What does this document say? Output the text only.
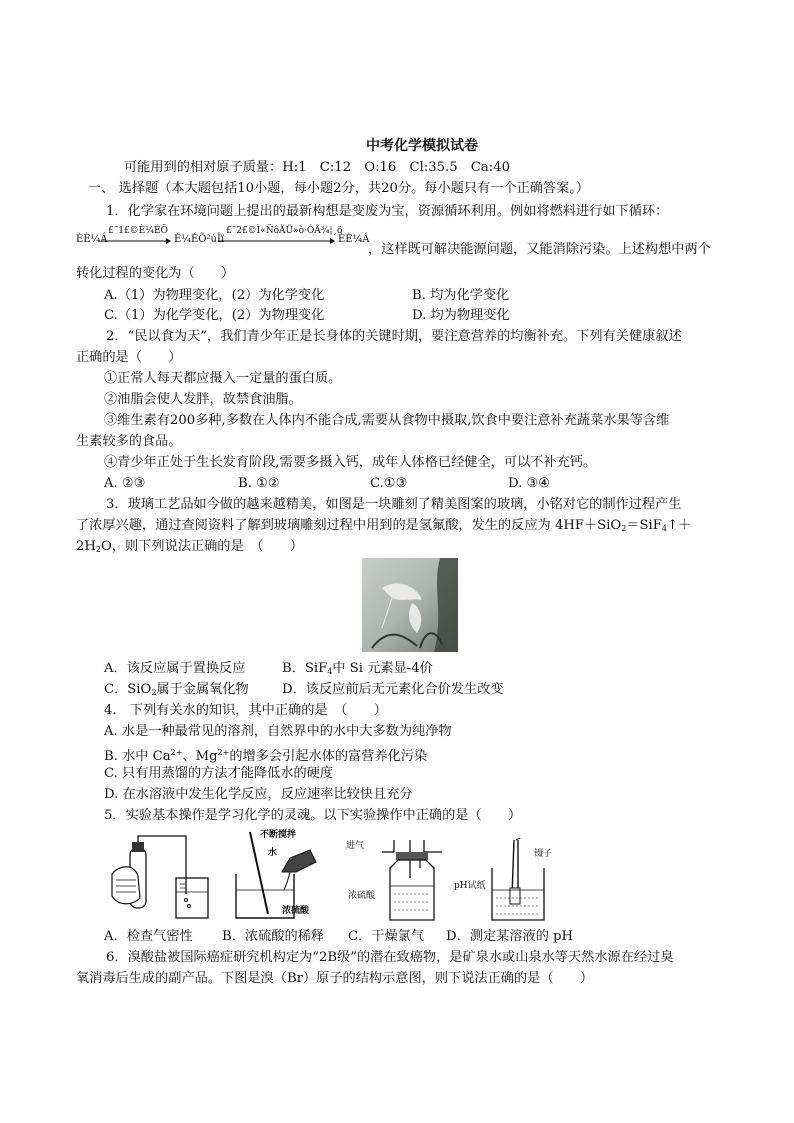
中考化学模拟试卷
可能用到的相对原子质量：H:1　C:12　O:16　Cl:35.5　Ca:40
一、 选择题（本大题包括10小题，每小题2分，共20分。每小题只有一个正确答案。）
1．化学家在环境问题上提出的最新构想是变废为宝，资源循环利用。例如将燃料进行如下循环：
ÈÈ¼Á
£¨1£©È¼ÉÕ
È¼ÉÕ²úÎï
£¨2£©Ì«ÑôÄÜ»ò·ÓÃ¾¦¸ö
ÈÈ¼Á
，这样既可解决能源问题，又能消除污染。上述构想中两个
转化过程的变化为（　　）
A.（1）为物理变化，(2）为化学变化	B. 均为化学变化
C.（1）为化学变化，(2）为物理变化	D. 均为物理变化
2．“民以食为天”，我们青少年正是长身体的关键时期，要注意营养的均衡补充。下列有关健康叙述
正确的是（　　）
①正常人每天都应摄入一定量的蛋白质。
②油脂会使人发胖，故禁食油脂。
③维生素有200多种,多数在人体内不能合成,需要从食物中摄取,饮食中要注意补充蔬菜水果等含维
生素较多的食品。
④青少年正处于生长发育阶段,需要多摄入钙，成年人体格已经健全，可以不补充钙。
A. ②③	B. ①②	C.①③	D. ③④
3．玻璃工艺品如今做的越来越精美，如图是一块雕刻了精美图案的玻璃，小铭对它的制作过程产生
了浓厚兴趣，通过查阅资料了解到玻璃雕刻过程中用到的是氢氟酸，发生的反应为 4HF＋SiO$_2$＝SiF$_4$↑＋
$2H_2O$，则下列说法正确的是　（　　）
A．该反应属于置换反应	B．SiF$_4$中 Si 元素显-4价
C．SiO$_2$属于金属氧化物	D．该反应前后无元素化合价发生改变
4.　下列有关水的知识，其中正确的是　（　　）
A. 水是一种最常见的溶剂，自然界中的水中大多数为纯净物
B. 水中 $Ca^{2+}$、$Mg^{2+}$的增多会引起水体的富营养化污染
C. 只有用蒸馏的方法才能降低水的硬度
D. 在水溶液中发生化学反应，反应速率比较快且充分
5．实验基本操作是学习化学的灵魂。以下实验操作中正确的是（　　）
不断搅拌
水
浓硫酸
进气
浓硫酸
镊子
pH试纸
A．检查气密性 B．浓硫酸的稀释 C．干燥氯气 D．测定某溶液的 pH
6．溴酸盐被国际癌症研究机构定为“2B级”的潜在致癌物，是矿泉水或山泉水等天然水源在经过臭
氧消毒后生成的副产品。下图是溴（Br）原子的结构示意图，则下说法正确的是（　　）
